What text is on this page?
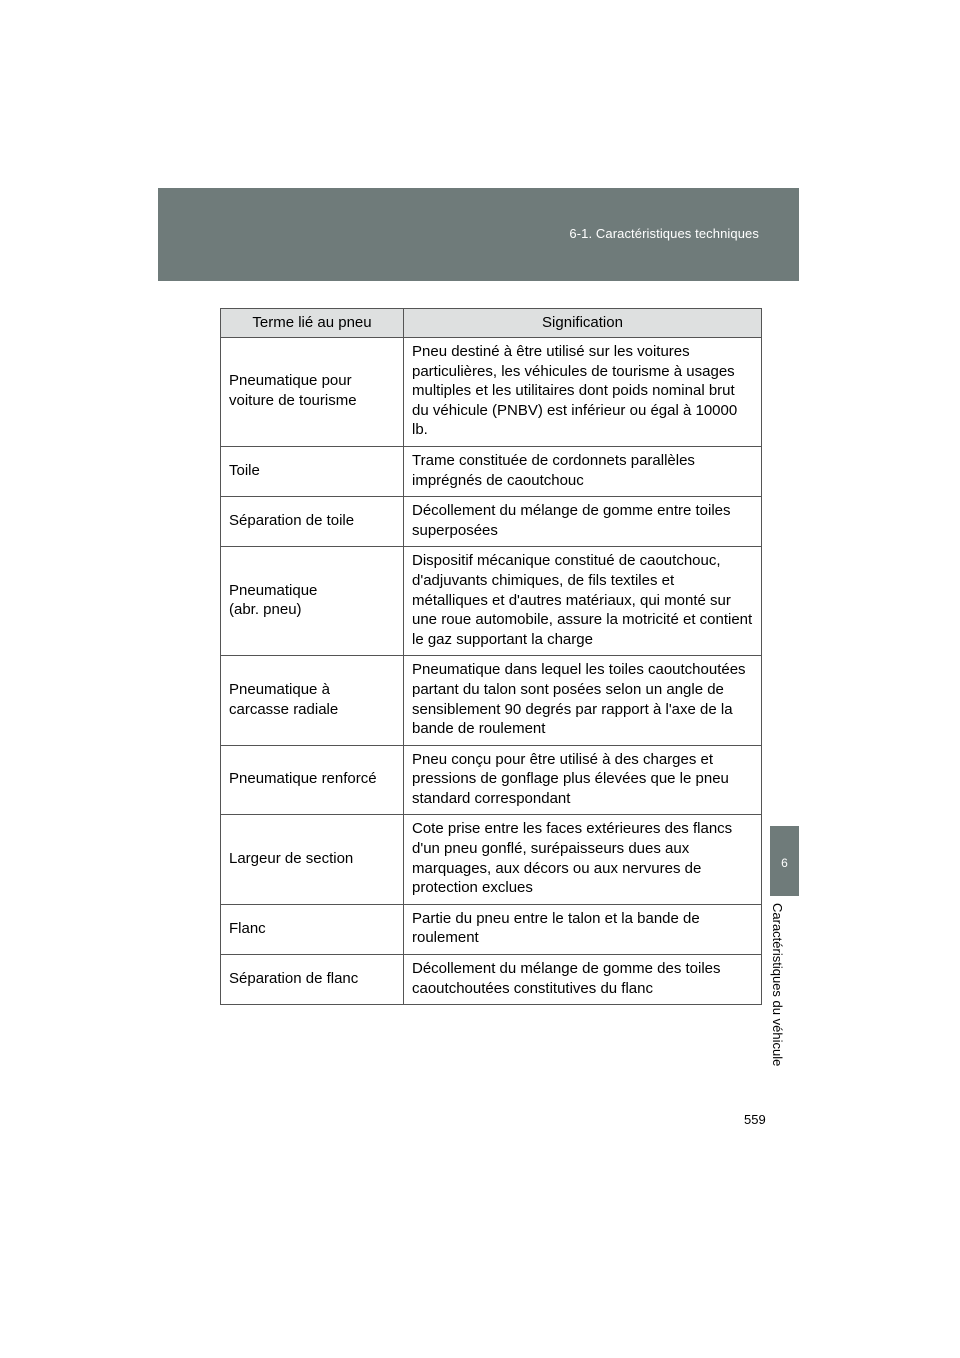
6-1. Caractéristiques techniques
6
Caractéristiques du véhicule
Terme lié au pneu	Signification
Pneumatique pour
voiture de tourisme	Pneu destiné à être utilisé sur les voitures particulières, les véhicules de tourisme à usages multiples et les utilitaires dont poids nominal brut du véhicule (PNBV) est inférieur ou égal à 10000 lb.
Toile	Trame constituée de cordonnets parallèles imprégnés de caoutchouc
Séparation de toile	Décollement du mélange de gomme entre toiles superposées
Pneumatique
(abr. pneu)	Dispositif mécanique constitué de caoutchouc, d'adjuvants chimiques, de fils textiles et métalliques et d'autres matériaux, qui monté sur une roue automobile, assure la motricité et contient le gaz supportant la charge
Pneumatique à
carcasse radiale	Pneumatique dans lequel les toiles caoutchoutées partant du talon sont posées selon un angle de sensiblement 90 degrés par rapport à l'axe de la bande de roulement
Pneumatique renforcé	Pneu conçu pour être utilisé à des charges et pressions de gonflage plus élevées que le pneu standard correspondant
Largeur de section	Cote prise entre les faces extérieures des flancs d'un pneu gonflé, surépaisseurs dues aux marquages, aux décors ou aux nervures de protection exclues
Flanc	Partie du pneu entre le talon et la bande de roulement
Séparation de flanc	Décollement du mélange de gomme des toiles caoutchoutées constitutives du flanc
559
